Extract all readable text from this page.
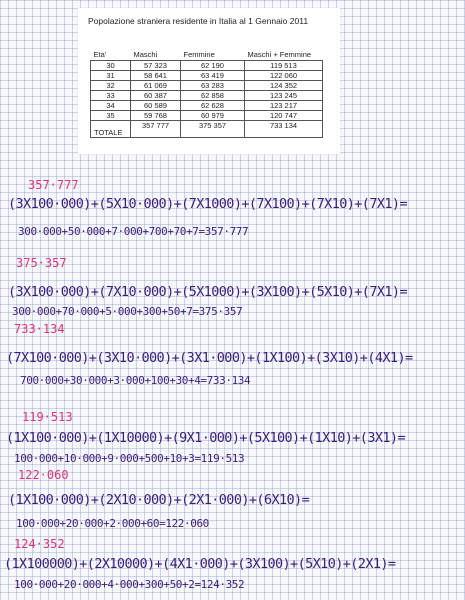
Popolazione straniera residente in Italia al 1 Gennaio 2011
Eta'	Maschi	Femmine	Maschi + Femmine
30	57 323	62 190	119 513
31	58 641	63 419	122 060
32	61 069	63 283	124 352
33	60 387	62 858	123 245
34	60 589	62 628	123 217
35	59 768	60 979	120 747
TOTALE	357 777	375 357	733 134
357·777
(3X100·000)+(5X10·000)+(7X1000)+(7X100)+(7X10)+(7X1)=
300·000+50·000+7·000+700+70+7=357·777
375·357
(3X100·000)+(7X10·000)+(5X1000)+(3X100)+(5X10)+(7X1)=
300·000+70·000+5·000+300+50+7=375·357
733·134
(7X100·000)+(3X10·000)+(3X1·000)+(1X100)+(3X10)+(4X1)=
700·000+30·000+3·000+100+30+4=733·134
119·513
(1X100·000)+(1X10000)+(9X1·000)+(5X100)+(1X10)+(3X1)=
100·000+10·000+9·000+500+10+3=119·513
122·060
(1X100·000)+(2X10·000)+(2X1·000)+(6X10)=
100·000+20·000+2·000+60=122·060
124·352
(1X100000)+(2X10000)+(4X1·000)+(3X100)+(5X10)+(2X1)=
100·000+20·000+4·000+300+50+2=124·352
